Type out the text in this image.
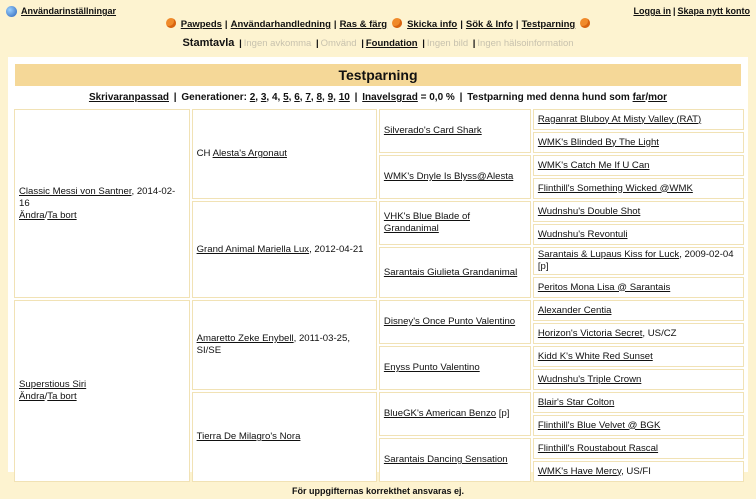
Användarinställningar	Logga in | Skapa nytt konto
Pawpeds | Användarhandledning | Ras & färg Skicka info | Sök & Info | Testparning
Stamtavla | Ingen avkomma | Omvänd | Foundation | Ingen bild | Ingen hälsoinformation
Testparning
Skrivaranpassad | Generationer: 2, 3, 4, 5, 6, 7, 8, 9, 10 | Inavelsgrad = 0,0 % | Testparning med denna hund som far/mor
Classic Messi von Santner, 2014-02-16
Ändra/Ta bort	CH Alesta's Argonaut	Silverado's Card Shark	Raganrat Bluboy At Misty Valley (RAT)
			WMK's Blinded By The Light
		WMK's Dnyle Is Blyss@Alesta	WMK's Catch Me If U Can
			Flinthill's Something Wicked @WMK
	Grand Animal Mariella Lux, 2012-04-21	VHK's Blue Blade of Grandanimal	Wudnshu's Double Shot
			Wudnshu's Revontuli
		Sarantais Giulieta Grandanimal	Sarantais & Lupaus Kiss for Luck, 2009-02-04 [p]
			Peritos Mona Lisa @ Sarantais
Superstious Siri
Ändra/Ta bort	Amaretto Zeke Enybell, 2011-03-25, SI/SE	Disney's Once Punto Valentino	Alexander Centia
			Horizon's Victoria Secret, US/CZ
		Enyss Punto Valentino	Kidd K's White Red Sunset
			Wudnshu's Triple Crown
	Tierra De Milagro's Nora	BlueGK's American Benzo [p]	Blair's Star Colton
			Flinthill's Blue Velvet @ BGK
		Sarantais Dancing Sensation	Flinthill's Roustabout Rascal
			WMK's Have Mercy, US/FI
För uppgifternas korrekthet ansvaras ej.
